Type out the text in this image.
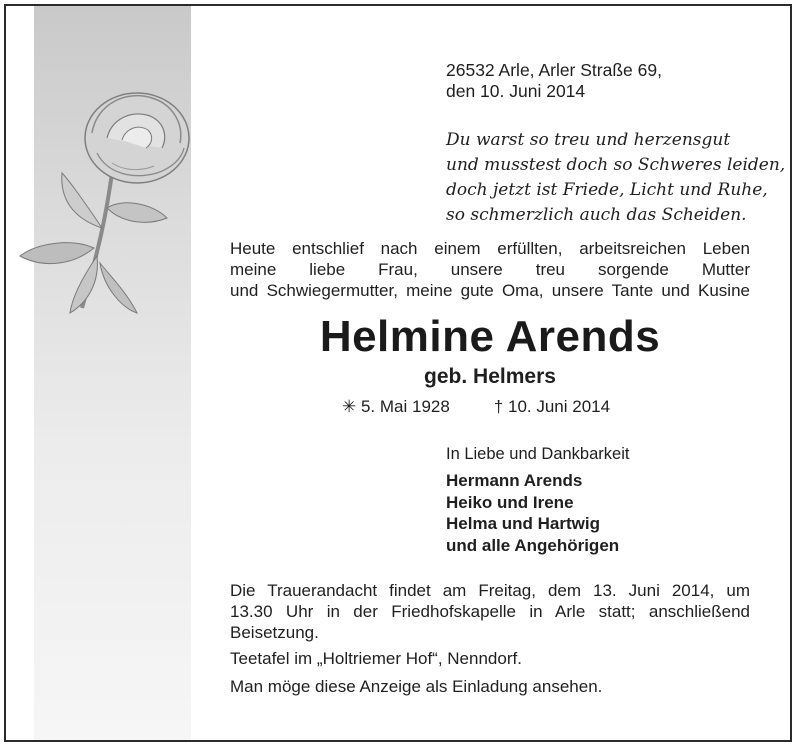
26532 Arle, Arler Straße 69,
den 10. Juni 2014
Du warst so treu und herzensgut
und musstest doch so Schweres leiden,
doch jetzt ist Friede, Licht und Ruhe,
so schmerzlich auch das Scheiden.
Heute entschlief nach einem erfüllten, arbeitsreichen Leben
meine liebe Frau, unsere treu sorgende Mutter
und Schwiegermutter, meine gute Oma, unsere Tante und Kusine
Helmine Arends
geb. Helmers
✳ 5. Mai 1928	† 10. Juni 2014
In Liebe und Dankbarkeit
Hermann Arends
Heiko und Irene
Helma und Hartwig
und alle Angehörigen
Die Trauerandacht findet am Freitag, dem 13. Juni 2014, um
13.30 Uhr in der Friedhofskapelle in Arle statt; anschließend
Beisetzung.
Teetafel im „Holtriemer Hof“, Nenndorf.
Man möge diese Anzeige als Einladung ansehen.
